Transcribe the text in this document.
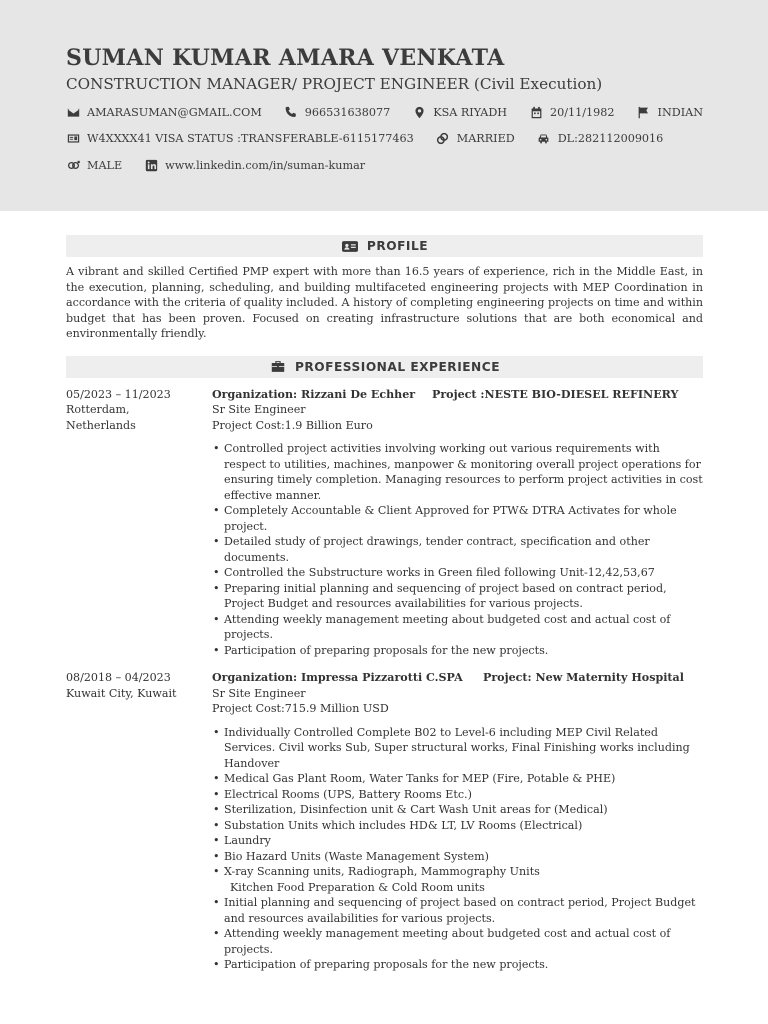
SUMAN KUMAR AMARA VENKATA
CONSTRUCTION MANAGER/ PROJECT ENGINEER (Civil Execution)
AMARASUMAN@GMAIL.COM	966531638077	KSA RIYADH	20/11/1982	INDIAN
W4XXXX41 VISA STATUS :TRANSFERABLE-6115177463	MARRIED	DL:282112009016
MALE	www.linkedin.com/in/suman-kumar
PROFILE
A vibrant and skilled Certified PMP expert with more than 16.5 years of experience, rich in the Middle East, in the execution, planning, scheduling, and building multifaceted engineering projects with MEP Coordination in accordance with the criteria of quality included. A history of completing engineering projects on time and within budget that has been proven. Focused on creating infrastructure solutions that are both economical and environmentally friendly.
PROFESSIONAL EXPERIENCE
05/2023 – 11/2023
Rotterdam, Netherlands
Organization: Rizzani De Echher	Project :NESTE BIO-DIESEL REFINERY
Sr Site Engineer
Project Cost:1.9 Billion Euro
• Controlled project activities involving working out various requirements with respect to utilities, machines, manpower & monitoring overall project operations for ensuring timely completion. Managing resources to perform project activities in cost effective manner.
• Completely Accountable & Client Approved for PTW& DTRA Activates for whole project.
• Detailed study of project drawings, tender contract, specification and other documents.
• Controlled the Substructure works in Green filed following Unit-12,42,53,67
• Preparing initial planning and sequencing of project based on contract period, Project Budget and resources availabilities for various projects.
• Attending weekly management meeting about budgeted cost and actual cost of projects.
• Participation of preparing proposals for the new projects.
08/2018 – 04/2023
Kuwait City, Kuwait
Organization: Impressa Pizzarotti C.SPA	Project: New Maternity Hospital
Sr Site Engineer
Project Cost:715.9 Million USD
• Individually Controlled Complete B02 to Level-6 including MEP Civil Related Services. Civil works Sub, Super structural works, Final Finishing works including Handover
• Medical Gas Plant Room, Water Tanks for MEP (Fire, Potable & PHE)
• Electrical Rooms (UPS, Battery Rooms Etc.)
• Sterilization, Disinfection unit & Cart Wash Unit areas for (Medical)
• Substation Units which includes HD& LT, LV Rooms (Electrical)
• Laundry
• Bio Hazard Units (Waste Management System)
• X-ray Scanning units, Radiograph, Mammography Units
Kitchen Food Preparation & Cold Room units
• Initial planning and sequencing of project based on contract period, Project Budget and resources availabilities for various projects.
• Attending weekly management meeting about budgeted cost and actual cost of projects.
• Participation of preparing proposals for the new projects.
